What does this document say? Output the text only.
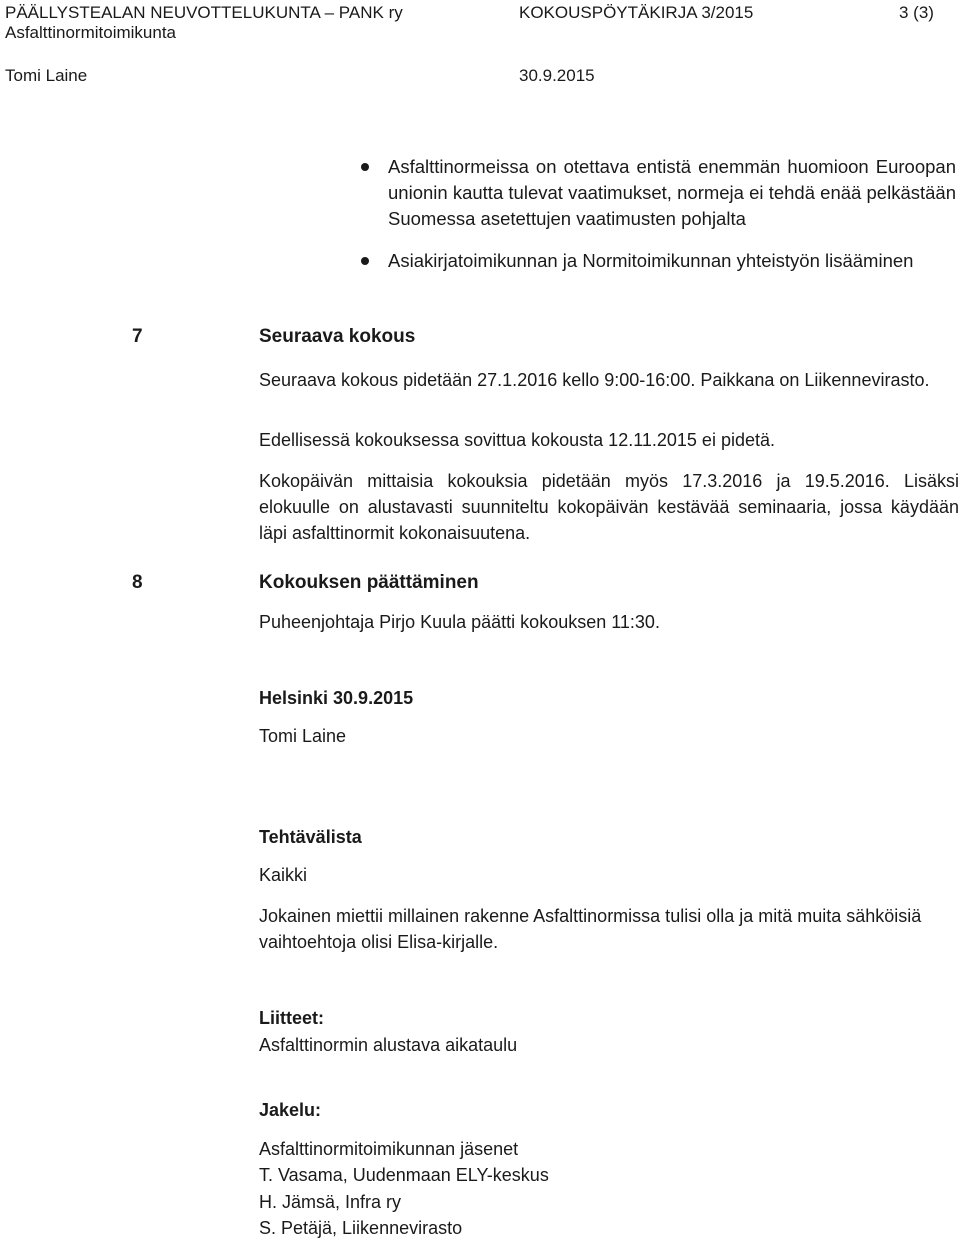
PÄÄLLYSTEALAN NEUVOTTELUKUNTA – PANK ry	KOKOUSPÖYTÄKIRJA 3/2015	3 (3)
Asfalttinormitoimikunta
Tomi Laine	30.9.2015
Asfalttinormeissa on otettava entistä enemmän huomioon Euroopan unionin kautta tulevat vaatimukset, normeja ei tehdä enää pelkästään Suomessa asetettujen vaatimusten pohjalta
Asiakirjatoimikunnan ja Normitoimikunnan yhteistyön lisääminen
7	Seuraava kokous
Seuraava kokous pidetään 27.1.2016 kello 9:00-16:00. Paikkana on Liikennevirasto.
Edellisessä kokouksessa sovittua kokousta 12.11.2015 ei pidetä.
Kokopäivän mittaisia kokouksia pidetään myös 17.3.2016 ja 19.5.2016. Lisäksi elokuulle on alustavasti suunniteltu kokopäivän kestävää seminaaria, jossa käydään läpi asfalttinormit kokonaisuutena.
8	Kokouksen päättäminen
Puheenjohtaja Pirjo Kuula päätti kokouksen 11:30.
Helsinki 30.9.2015
Tomi Laine
Tehtävälista
Kaikki
Jokainen miettii millainen rakenne Asfalttinormissa tulisi olla ja mitä muita sähköisiä vaihtoehtoja olisi Elisa-kirjalle.
Liitteet:
Asfalttinormin alustava aikataulu
Jakelu:
Asfalttinormitoimikunnan jäsenet
T. Vasama, Uudenmaan ELY-keskus
H. Jämsä, Infra ry
S. Petäjä, Liikennevirasto
